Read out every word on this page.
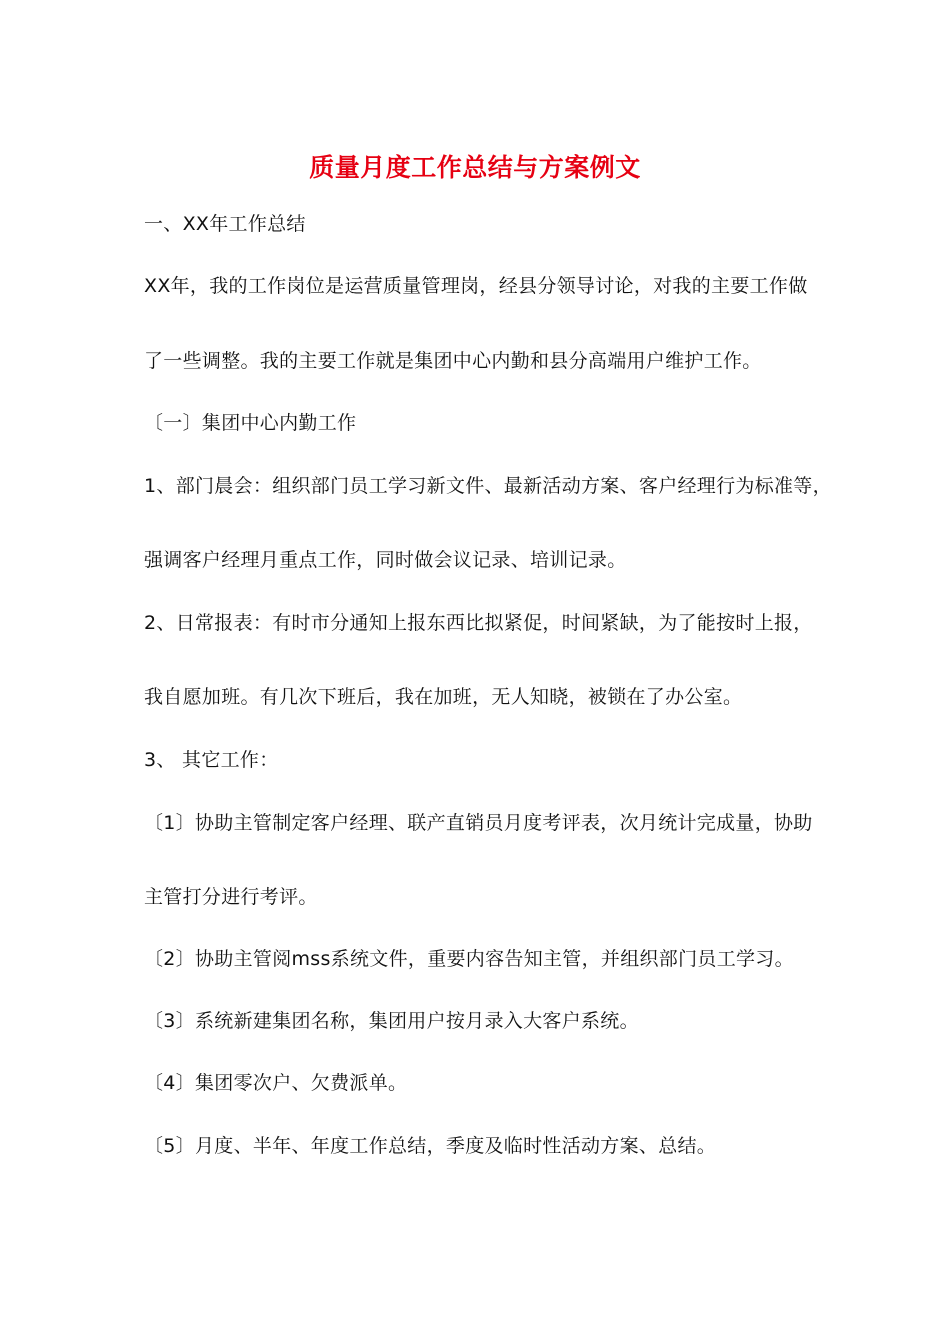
质量月度工作总结与方案例文
一、XX年工作总结
XX年，我的工作岗位是运营质量管理岗，经县分领导讨论，对我的主要工作做
了一些调整。我的主要工作就是集团中心内勤和县分高端用户维护工作。
〔一〕集团中心内勤工作
1、部门晨会：组织部门员工学习新文件、最新活动方案、客户经理行为标准等，
强调客户经理月重点工作，同时做会议记录、培训记录。
2、日常报表：有时市分通知上报东西比拟紧促，时间紧缺，为了能按时上报，
我自愿加班。有几次下班后，我在加班，无人知晓，被锁在了办公室。
3、 其它工作：
〔1〕协助主管制定客户经理、联产直销员月度考评表，次月统计完成量，协助
主管打分进行考评。
〔2〕协助主管阅mss系统文件，重要内容告知主管，并组织部门员工学习。
〔3〕系统新建集团名称，集团用户按月录入大客户系统。
〔4〕集团零次户、欠费派单。
〔5〕月度、半年、年度工作总结，季度及临时性活动方案、总结。
